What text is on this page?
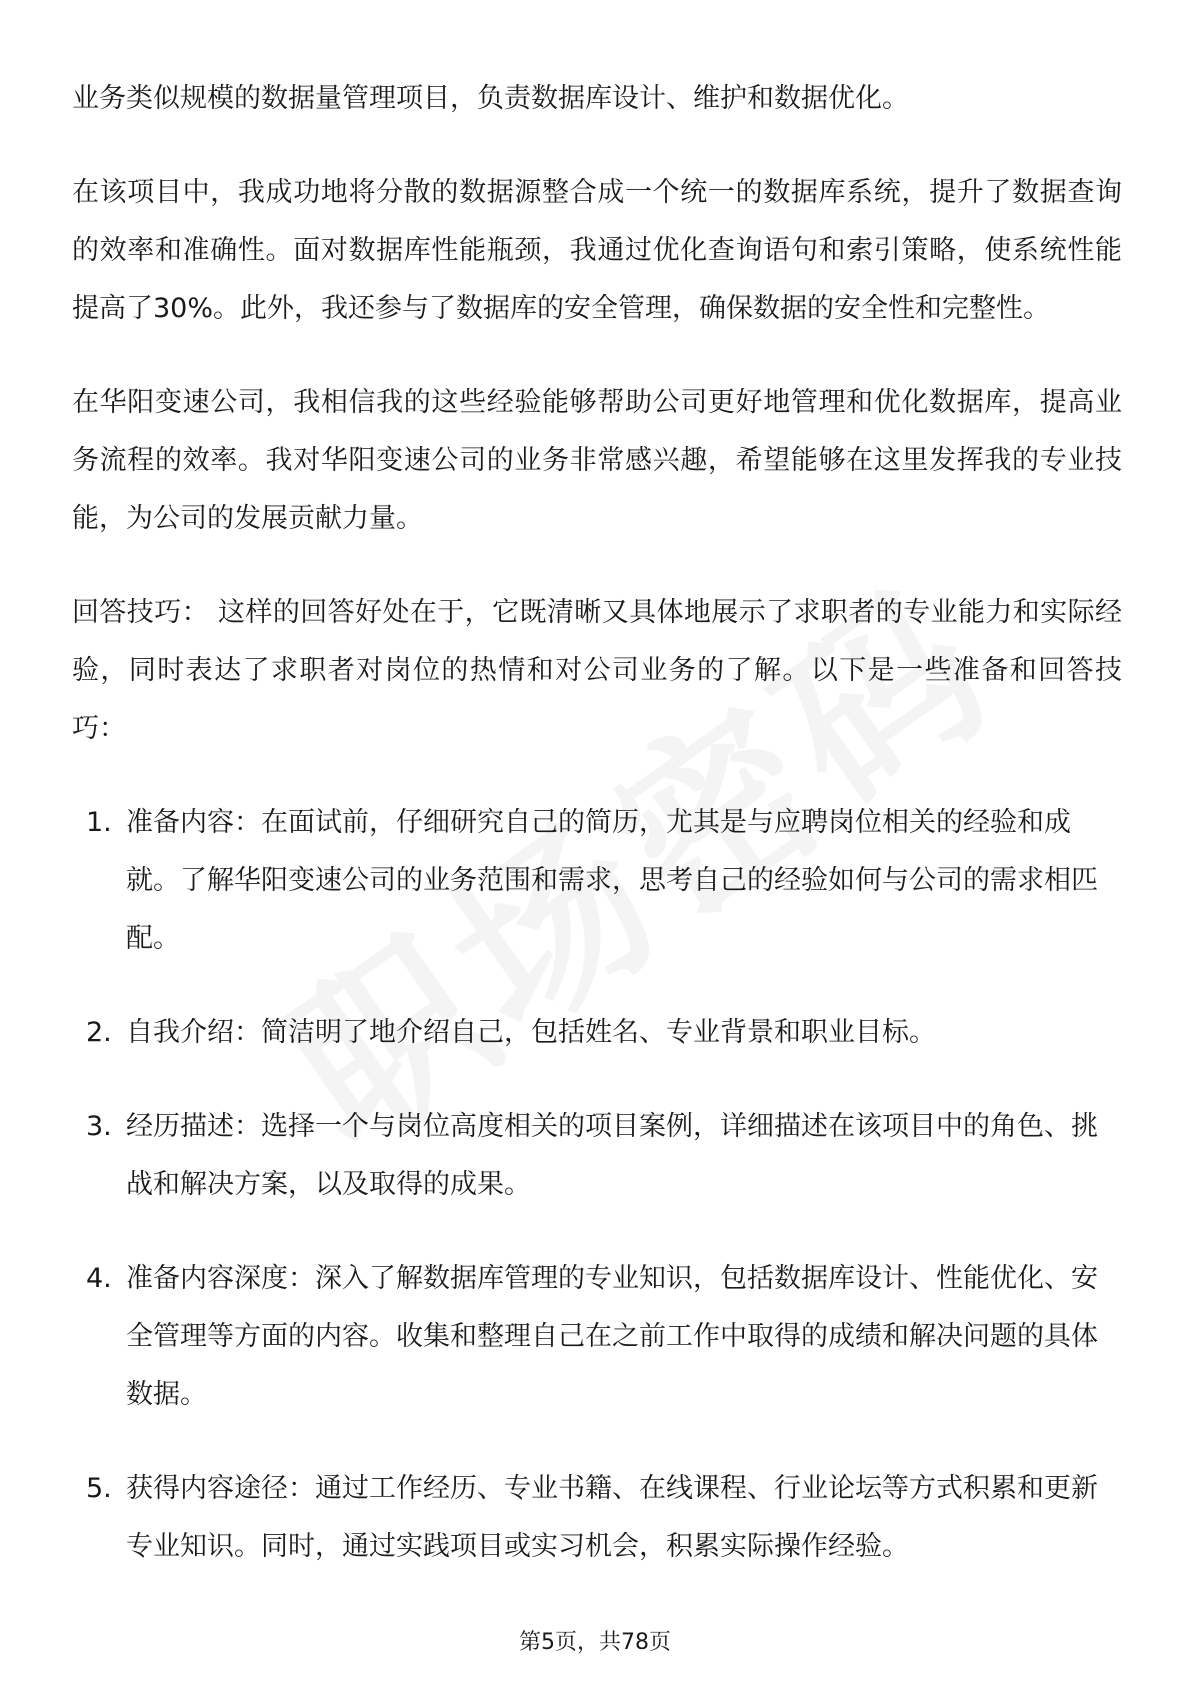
业务类似规模的数据量管理项目，负责数据库设计、维护和数据优化。

在该项目中，我成功地将分散的数据源整合成一个统一的数据库系统，提升了数据查询的效率和准确性。面对数据库性能瓶颈，我通过优化查询语句和索引策略，使系统性能提高了30%。此外，我还参与了数据库的安全管理，确保数据的安全性和完整性。

在华阳变速公司，我相信我的这些经验能够帮助公司更好地管理和优化数据库，提高业务流程的效率。我对华阳变速公司的业务非常感兴趣，希望能够在这里发挥我的专业技能，为公司的发展贡献力量。

回答技巧： 这样的回答好处在于，它既清晰又具体地展示了求职者的专业能力和实际经验，同时表达了求职者对岗位的热情和对公司业务的了解。以下是一些准备和回答技巧：

1. 准备内容：在面试前，仔细研究自己的简历，尤其是与应聘岗位相关的经验和成就。了解华阳变速公司的业务范围和需求，思考自己的经验如何与公司的需求相匹配。
2. 自我介绍：简洁明了地介绍自己，包括姓名、专业背景和职业目标。
3. 经历描述：选择一个与岗位高度相关的项目案例，详细描述在该项目中的角色、挑战和解决方案，以及取得的成果。
4. 准备内容深度：深入了解数据库管理的专业知识，包括数据库设计、性能优化、安全管理等方面的内容。收集和整理自己在之前工作中取得的成绩和解决问题的具体数据。
5. 获得内容途径：通过工作经历、专业书籍、在线课程、行业论坛等方式积累和更新专业知识。同时，通过实践项目或实习机会，积累实际操作经验。
第5页，共78页
